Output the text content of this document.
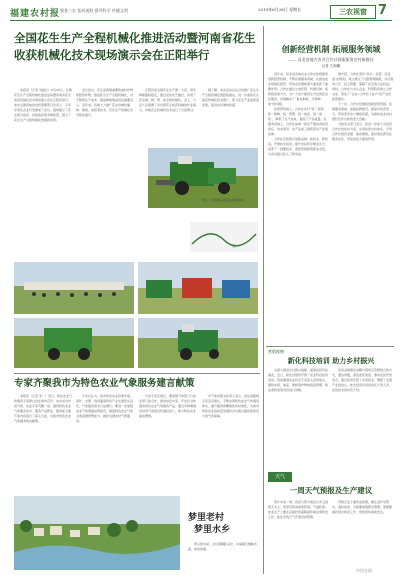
福建农村报 服务三农 拓展视野 倡导科学 传播文明	2019年6月28日 星期五	三农视窗 7
全国花生生产全程机械化推进活动暨河南省花生
收获机械化技术现场演示会在正阳举行

本报讯（记者 刘丽红）6月26日，全国花生生产全程机械化推进活动暨河南省花生收获机械化技术现场演示会在正阳县举行。来自全国各地的农机管理部门负责人、专家学者及企业代表参加了会议。现场演示了花生联合收获、捡拾收获等多种机型，展示了花生生产全程机械化的最新成果。

会议指出，花生是我国重要的油料作物和经济作物，推进花生生产全程机械化，对于降低生产成本、提高种植效益具有重要意义。近年来，各地大力推广花生机械化播种、植保、收获等技术，花生生产机械化水平稳步提升。

正阳县是全国花生生产第一大县，常年种植面积稳定，通过农机农艺融合，实现了花生耕、种、管、收全程机械化。会上，与会人员观摩了多台套花生收获机械的作业演示，并就花生机械化技术进行了交流研讨。

据了解，本次活动旨在总结推广花生生产全程机械化的经验做法，进一步加快花生收获机械化技术推广，助力花生产业高质量发展，促进农民增收致富。

图为：现场演示的花生收获机械
≈
创新经营机制 拓展服务领域
—— 河北省地方农业合作社探索服务农村新路径
记者 王海鹏

近年来，河北省各地农业合作社积极探索创新经营机制，不断拓展服务领域，在推进农业规模化经营、带动农民增收等方面发挥了重要作用。合作社通过土地托管、代耕代种、统防统治等方式，为广大农户提供全方位的社会化服务，有效解决了“谁来种地、怎样种地”的问题。

在经营机制上，合作社实行“统一采购、统一耕种、统一管理、统一收获、统一销售”，降低了生产成本，提高了产品质量。在服务领域上，合作社由单一的生产服务向农资供应、技术指导、农产品加工销售等全产业链延伸。

合作社还积极引进新品种、新技术、新机具，开展技术培训，提升农民科学种田水平，培养了一批懂技术、善经营的新型职业农民，为乡村振兴注入了新动能。

据介绍，合作社坚持“民办、民管、民受益”的原则，建立健全了内部管理制度，实行财务公开、民主管理，保障了社员的合法权益。同时，合作社与龙头企业、科研院所建立合作关系，形成了“企业+合作社+农户”的产业化经营模式。

下一步，合作社将继续创新经营机制，拓展服务领域，加强品牌建设，提高市场竞争力，带动更多农户增收致富，为推动农业农村现代化作出新的更大贡献。

当地有关部门表示，将进一步加大对农民合作社的扶持力度，完善政策支持体系，引导合作社规范发展、提质增效，更好地发挥其在服务农民、带动农民方面的作用。

专家齐聚我市为特色农业气象服务建言献策

本报讯（记者 李一）近日，特色农业气象服务专家研讨会在我市召开，来自省内外的气象、农业专家齐聚一堂，围绕特色农业气象服务需求、服务产品研发、服务能力提升等内容进行了深入交流，为我市特色农业气象服务建言献策。

专家们认为，我市特色农业资源丰富，茶叶、水果、食用菌等特色产业发展势头良好，气象服务需求日益增长。要进一步加强农业气象观测站网建设，提高特色农业气象灾害监测预警能力，做好关键农时气象服务。

与会专家还建议，要加强气象部门与农业部门的合作，推动信息共享，开发针对性强的特色农业气象服务产品，通过多种渠道及时将气象信息传递给农户，助力特色农业提质增效。

市气象局相关负责人表示，将认真吸纳专家意见建议，不断完善特色农业气象服务体系，提升服务的精准性和时效性，为我市特色农业高质量发展和乡村振兴提供更加有力的气象保障。

梦里老村
梦里水乡

青山绿水间，古村落静卧其中，白墙黛瓦倒映水面，如诗如画。

营销视窗
新化科技培训 助力乡村振兴

为深入推进乡村振兴战略，提高农民科技素质，近日，新化县组织开展了农业科技培训活动。培训邀请农业技术专家深入田间地头，围绕水稻、油菜、果树等作物的栽培管理、病虫害防治等内容进行讲解。

培训采取理论讲解与现场示范相结合的方式，通俗易懂，深受农民欢迎。参训农民纷纷表示，通过培训学到了实用技术，增强了发展产业的信心。此次培训共培训农民千余人次，发放技术资料若干份。

天气
一周天气预报及生产建议

预计未来一周，我省大部分地区以多云到阴天为主，局部有阵雨或雷阵雨，气温较高。农业生产上要注意做好防暑降温和病虫害防治工作，抓住有利天气开展田间管理。

早稻正处于灌浆成熟期，要注意科学管水，适时收获；中稻要加强肥水管理；果园要做好排水防涝工作，预防果实病害发生。

中国农网
